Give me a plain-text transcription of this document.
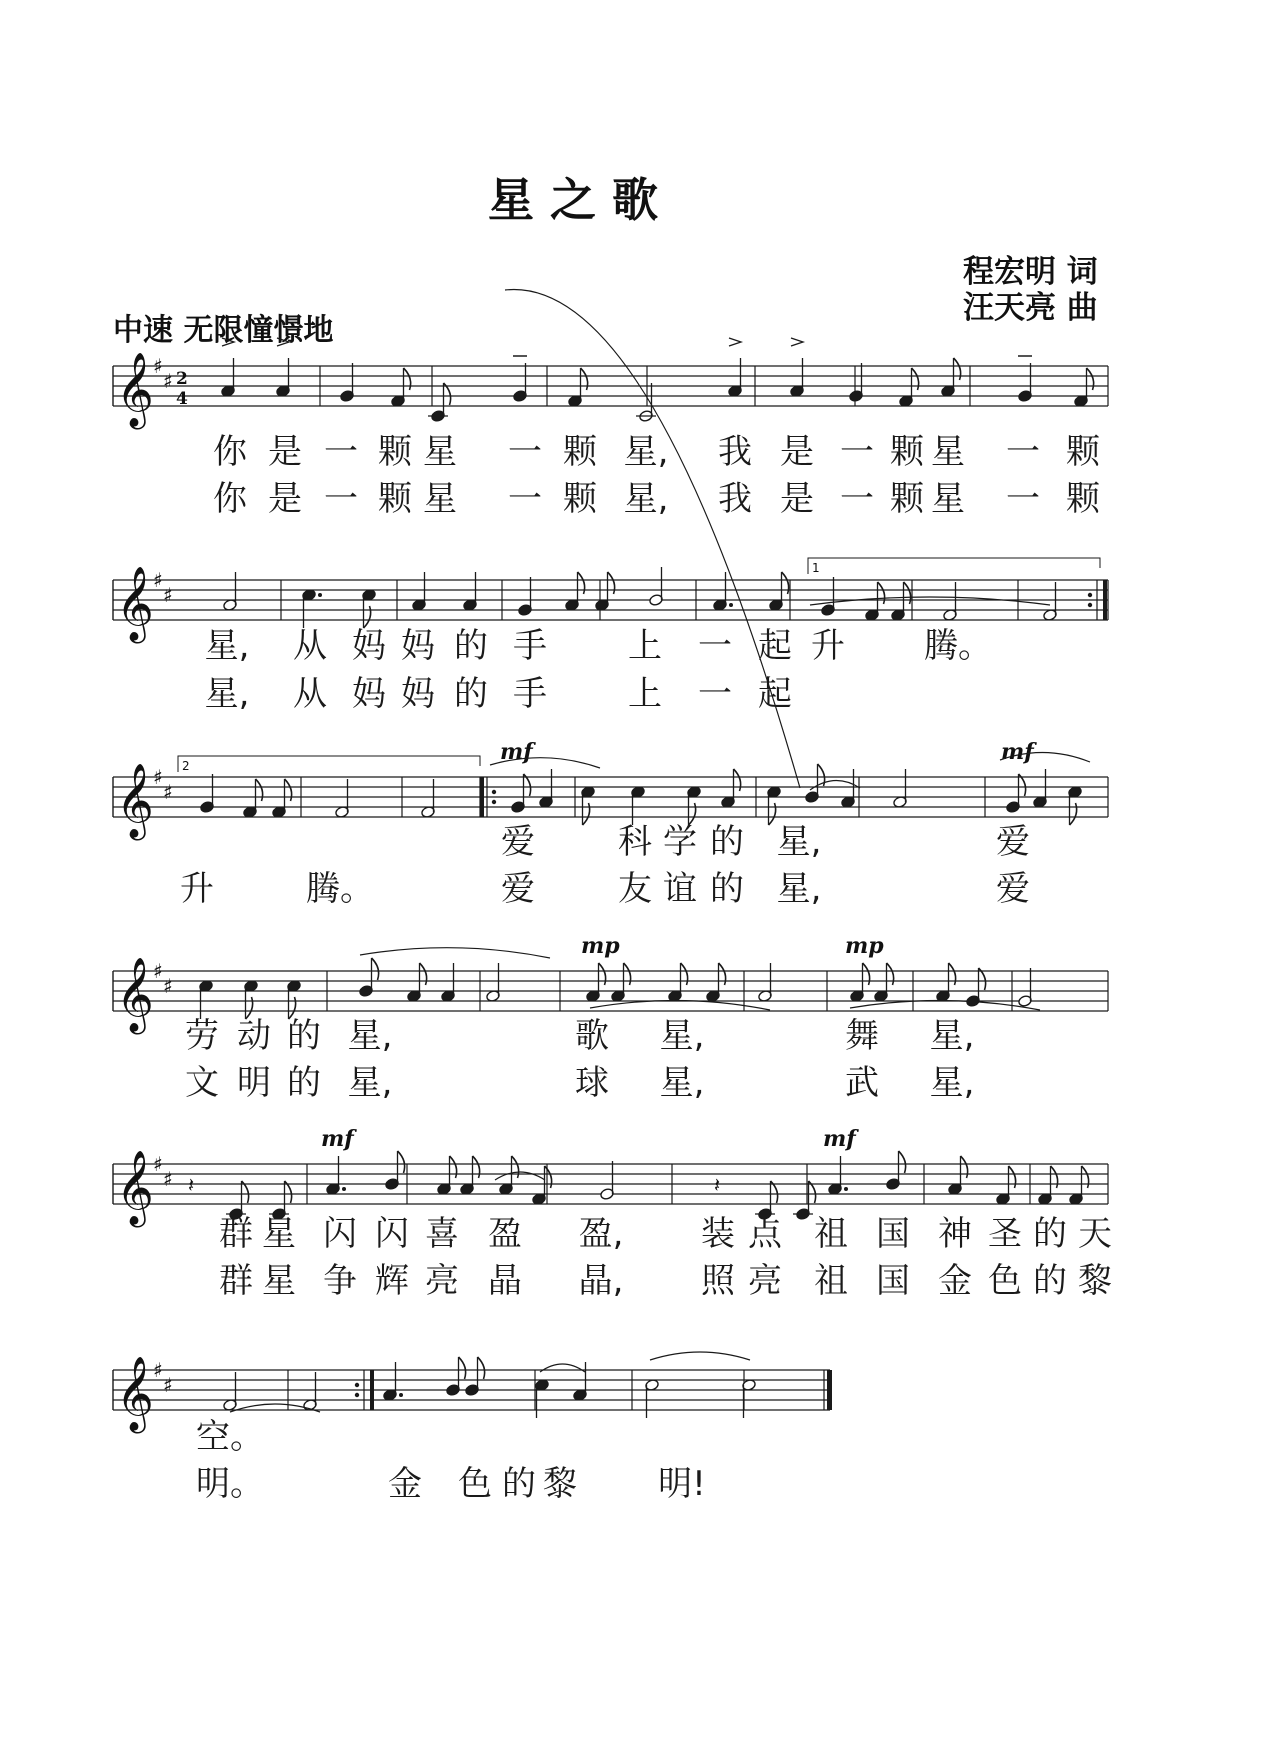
星 之 歌
程宏明 词
汪天亮 曲
中速 无限憧憬地
𝄞 ♯
♯ 2
4
𝄞 ♯
♯
1
𝄞 ♯
♯
2
mf	mf
𝄞 ♯
♯
mp	mp
𝄞 ♯
♯
mf	mf
𝄞 ♯
♯
𝄽	𝄽
你 是 一 颗 星 一 颗 星, 我 是 一 颗 星 一 颗
你 是 一 颗 星 一 颗 星, 我 是 一 颗 星 一 颗
星, 从 妈 妈 的 手 上 一 起 升 腾。
星, 从 妈 妈 的 手 上 一 起
爱 科 学 的 星,	爱
升	腾。	爱 友 谊 的 星,	爱
劳 动 的 星,	歌 星,	舞 星,
文 明 的 星,	球 星,	武 星,
群 星 闪 闪 喜 盈 盈, 装 点 祖 国 神 圣 的 天
群 星 争 辉 亮 晶 晶, 照 亮 祖 国 金 色 的 黎
空。
明。	金 色 的 黎 明!
